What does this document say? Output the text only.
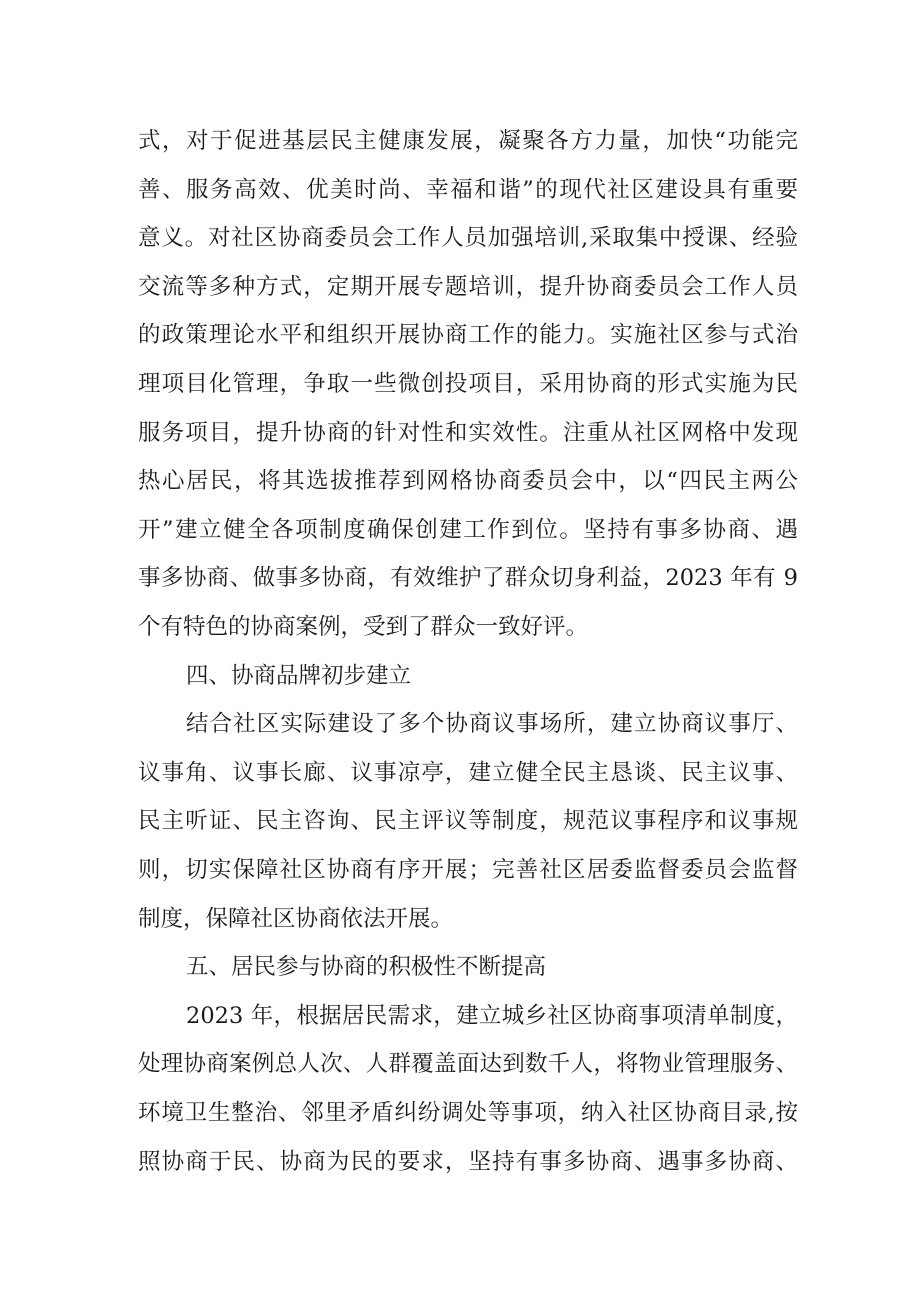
式，对于促进基层民主健康发展，凝聚各方力量，加快“功能完
善、服务高效、优美时尚、幸福和谐”的现代社区建设具有重要
意义。对社区协商委员会工作人员加强培训,采取集中授课、经验
交流等多种方式，定期开展专题培训，提升协商委员会工作人员
的政策理论水平和组织开展协商工作的能力。实施社区参与式治
理项目化管理，争取一些微创投项目，采用协商的形式实施为民
服务项目，提升协商的针对性和实效性。注重从社区网格中发现
热心居民，将其选拔推荐到网格协商委员会中，以“四民主两公
开”建立健全各项制度确保创建工作到位。坚持有事多协商、遇
事多协商、做事多协商，有效维护了群众切身利益，2023 年有 9
个有特色的协商案例，受到了群众一致好评。
四、协商品牌初步建立
结合社区实际建设了多个协商议事场所，建立协商议事厅、
议事角、议事长廊、议事凉亭，建立健全民主恳谈、民主议事、
民主听证、民主咨询、民主评议等制度，规范议事程序和议事规
则，切实保障社区协商有序开展；完善社区居委监督委员会监督
制度，保障社区协商依法开展。
五、居民参与协商的积极性不断提高
2023 年，根据居民需求，建立城乡社区协商事项清单制度，
处理协商案例总人次、人群覆盖面达到数千人，将物业管理服务、
环境卫生整治、邻里矛盾纠纷调处等事项，纳入社区协商目录,按
照协商于民、协商为民的要求，坚持有事多协商、遇事多协商、
